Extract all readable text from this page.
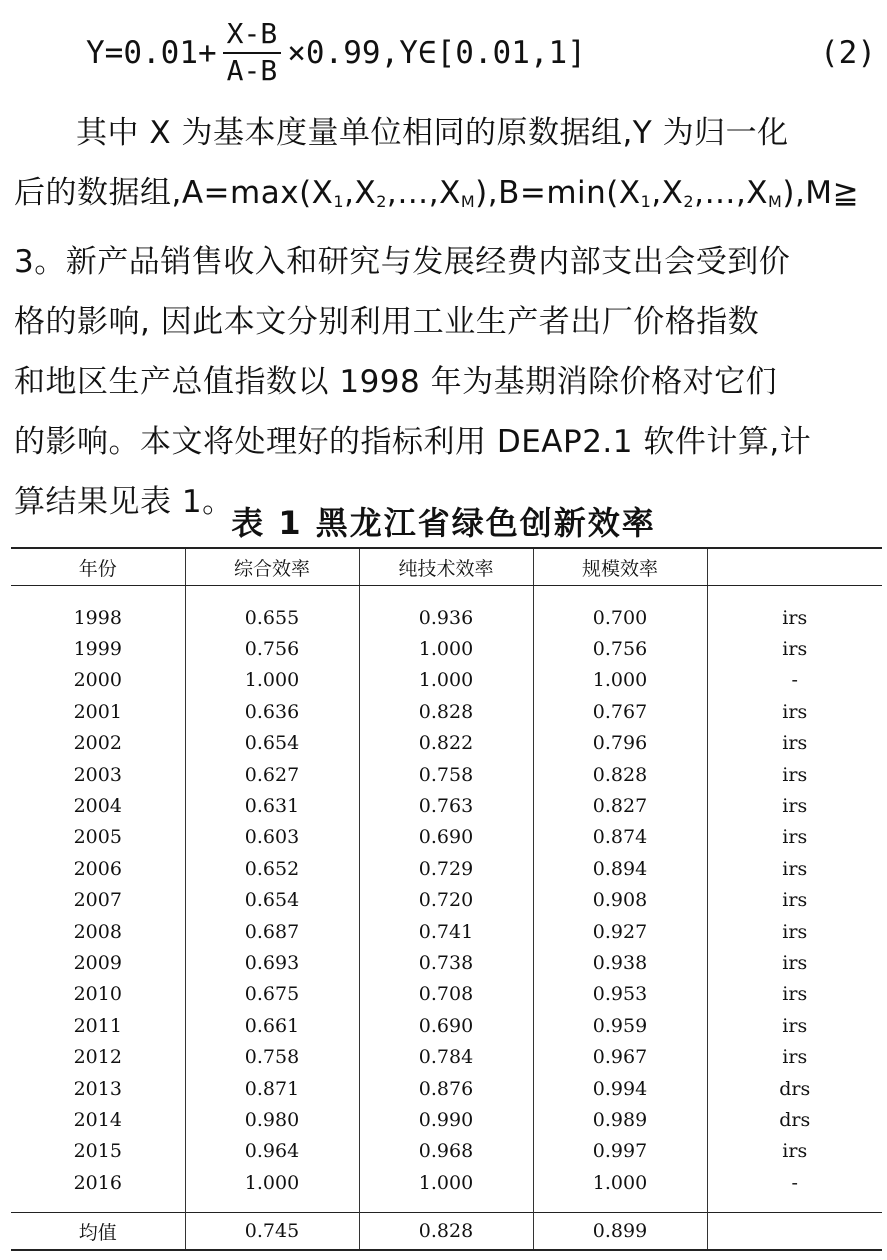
$Y=0.01+ \frac{X-B}{A-B}$ ×0.99,Y∈[0.01,1]	(2)
其中 X 为基本度量单位相同的原数据组,Y 为归一化
后的数据组$,A=\max(X_1,X_2,\dots,X_M),B=\min(X_1,X_2,\dots,X_M),M≧$
3。新产品销售收入和研究与发展经费内部支出会受到价
格的影响, 因此本文分别利用工业生产者出厂价格指数
和地区生产总值指数以 1998 年为基期消除价格对它们
的影响。本文将处理好的指标利用 DEAP2.1 软件计算,计
算结果见表 1。
表 1 黑龙江省绿色创新效率
年份	综合效率	纯技术效率	规模效率	

1998	0.655	0.936	0.700	irs
1999	0.756	1.000	0.756	irs
2000	1.000	1.000	1.000	-
2001	0.636	0.828	0.767	irs
2002	0.654	0.822	0.796	irs
2003	0.627	0.758	0.828	irs
2004	0.631	0.763	0.827	irs
2005	0.603	0.690	0.874	irs
2006	0.652	0.729	0.894	irs
2007	0.654	0.720	0.908	irs
2008	0.687	0.741	0.927	irs
2009	0.693	0.738	0.938	irs
2010	0.675	0.708	0.953	irs
2011	0.661	0.690	0.959	irs
2012	0.758	0.784	0.967	irs
2013	0.871	0.876	0.994	drs
2014	0.980	0.990	0.989	drs
2015	0.964	0.968	0.997	irs
2016	1.000	1.000	1.000	-

均值	0.745	0.828	0.899	
